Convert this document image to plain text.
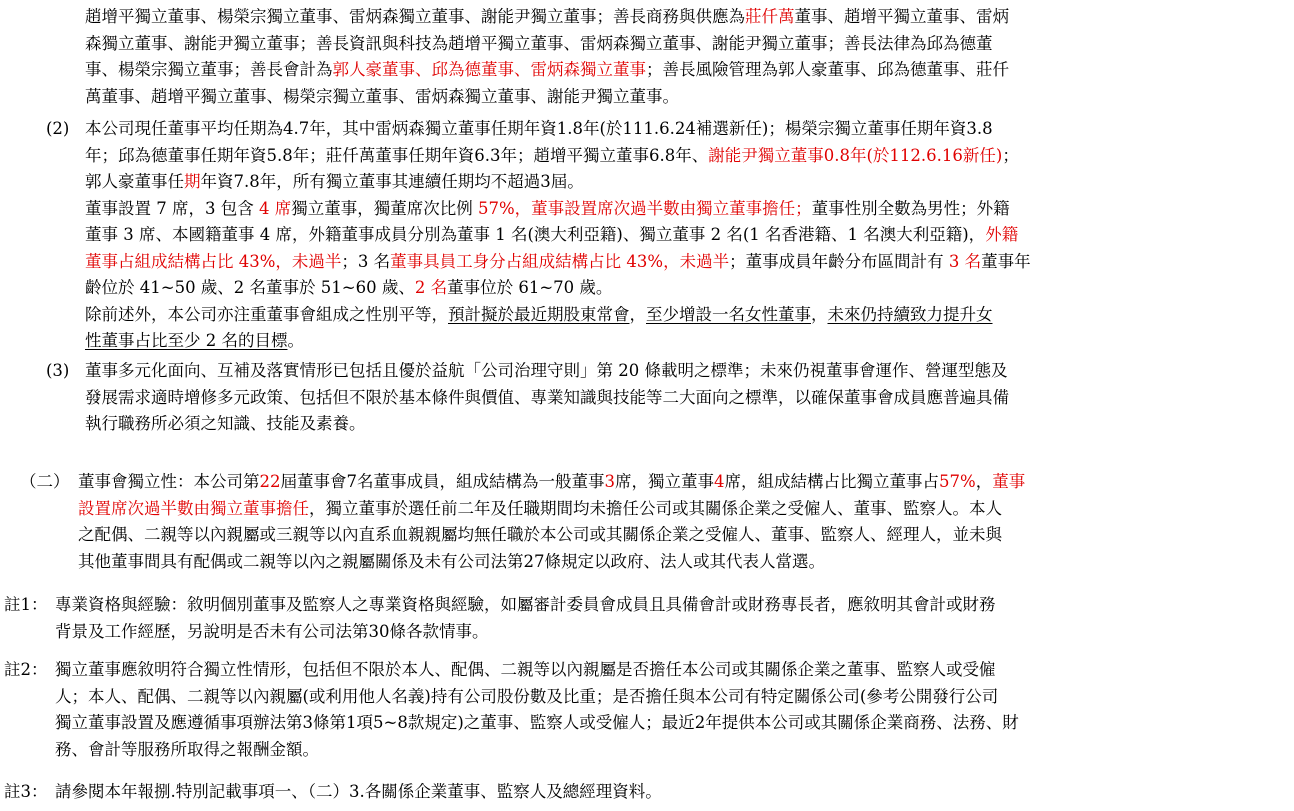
趙增平獨立董事、楊榮宗獨立董事、雷炳森獨立董事、謝能尹獨立董事；善長商務與供應為莊仟萬董事、趙增平獨立董事、雷炳
森獨立董事、謝能尹獨立董事；善長資訊與科技為趙增平獨立董事、雷炳森獨立董事、謝能尹獨立董事；善長法律為邱為德董
事、楊榮宗獨立董事；善長會計為郭人豪董事、邱為德董事、雷炳森獨立董事；善長風險管理為郭人豪董事、邱為德董事、莊仟
萬董事、趙增平獨立董事、楊榮宗獨立董事、雷炳森獨立董事、謝能尹獨立董事。
(2) 本公司現任董事平均任期為4.7年，其中雷炳森獨立董事任期年資1.8年(於111.6.24補選新任)；楊榮宗獨立董事任期年資3.8
年；邱為德董事任期年資5.8年；莊仟萬董事任期年資6.3年；趙增平獨立董事6.8年、謝能尹獨立董事0.8年(於112.6.16新任)；
郭人豪董事任期年資7.8年，所有獨立董事其連續任期均不超過3屆。
董事設置 7 席，3 包含 4 席獨立董事，獨董席次比例 57%，董事設置席次過半數由獨立董事擔任；董事性別全數為男性；外籍
董事 3 席、本國籍董事 4 席，外籍董事成員分別為董事 1 名(澳大利亞籍)、獨立董事 2 名(1 名香港籍、1 名澳大利亞籍)，外籍
董事占組成結構占比 43%，未過半；3 名董事具員工身分占組成結構占比 43%，未過半；董事成員年齡分布區間計有 3 名董事年
齡位於 41~50 歲、2 名董事於 51~60 歲、2 名董事位於 61~70 歲。
除前述外，本公司亦注重董事會組成之性別平等，預計擬於最近期股東常會，至少增設一名女性董事，未來仍持續致力提升女
性董事占比至少 2 名的目標。
(3) 董事多元化面向、互補及落實情形已包括且優於益航「公司治理守則」第 20 條載明之標準；未來仍視董事會運作、營運型態及
發展需求適時增修多元政策、包括但不限於基本條件與價值、專業知識與技能等二大面向之標準，以確保董事會成員應普遍具備
執行職務所必須之知識、技能及素養。
（二） 董事會獨立性：本公司第22屆董事會7名董事成員，組成結構為一般董事3席，獨立董事4席，組成結構占比獨立董事占57%，董事
設置席次過半數由獨立董事擔任，獨立董事於選任前二年及任職期間均未擔任公司或其關係企業之受僱人、董事、監察人。本人
之配偶、二親等以內親屬或三親等以內直系血親親屬均無任職於本公司或其關係企業之受僱人、董事、監察人、經理人，並未與
其他董事間具有配偶或二親等以內之親屬關係及未有公司法第27條規定以政府、法人或其代表人當選。
註1： 專業資格與經驗：敘明個別董事及監察人之專業資格與經驗，如屬審計委員會成員且具備會計或財務專長者，應敘明其會計或財務
背景及工作經歷，另說明是否未有公司法第30條各款情事。
註2： 獨立董事應敘明符合獨立性情形，包括但不限於本人、配偶、二親等以內親屬是否擔任本公司或其關係企業之董事、監察人或受僱
人；本人、配偶、二親等以內親屬(或利用他人名義)持有公司股份數及比重；是否擔任與本公司有特定關係公司(參考公開發行公司
獨立董事設置及應遵循事項辦法第3條第1項5~8款規定)之董事、監察人或受僱人；最近2年提供本公司或其關係企業商務、法務、財
務、會計等服務所取得之報酬金額。
註3： 請參閱本年報捌.特別記載事項一、（二）3.各關係企業董事、監察人及總經理資料。
